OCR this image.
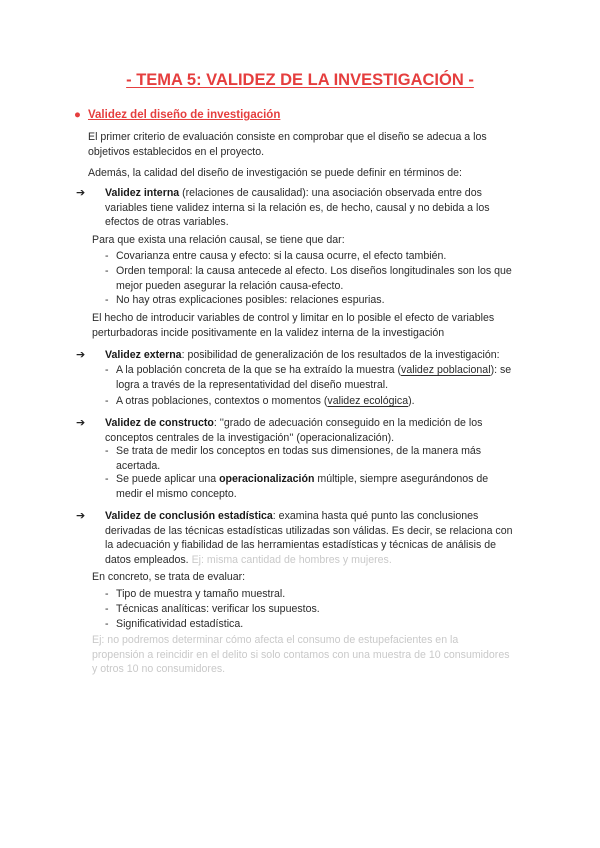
- TEMA 5: VALIDEZ DE LA INVESTIGACIÓN -
● Validez del diseño de investigación
El primer criterio de evaluación consiste en comprobar que el diseño se adecua a los objetivos establecidos en el proyecto.
Además, la calidad del diseño de investigación se puede definir en términos de:
➔ Validez interna (relaciones de causalidad): una asociación observada entre dos variables tiene validez interna si la relación es, de hecho, causal y no debida a los efectos de otras variables.
Para que exista una relación causal, se tiene que dar:
- Covarianza entre causa y efecto: si la causa ocurre, el efecto también.
- Orden temporal: la causa antecede al efecto. Los diseños longitudinales son los que mejor pueden asegurar la relación causa-efecto.
- No hay otras explicaciones posibles: relaciones espurias.
El hecho de introducir variables de control y limitar en lo posible el efecto de variables perturbadoras incide positivamente en la validez interna de la investigación
➔ Validez externa: posibilidad de generalización de los resultados de la investigación:
- A la población concreta de la que se ha extraído la muestra (validez poblacional): se logra a través de la representatividad del diseño muestral.
- A otras poblaciones, contextos o momentos (validez ecológica).
➔ Validez de constructo: ''grado de adecuación conseguido en la medición de los conceptos centrales de la investigación'' (operacionalización).
- Se trata de medir los conceptos en todas sus dimensiones, de la manera más acertada.
- Se puede aplicar una operacionalización múltiple, siempre asegurándonos de medir el mismo concepto.
➔ Validez de conclusión estadística: examina hasta qué punto las conclusiones derivadas de las técnicas estadísticas utilizadas son válidas. Es decir, se relaciona con la adecuación y fiabilidad de las herramientas estadísticas y técnicas de análisis de datos empleados. Ej: misma cantidad de hombres y mujeres.
En concreto, se trata de evaluar:
- Tipo de muestra y tamaño muestral.
- Técnicas analíticas: verificar los supuestos.
- Significatividad estadística.
Ej: no podremos determinar cómo afecta el consumo de estupefacientes en la propensión a reincidir en el delito si solo contamos con una muestra de 10 consumidores y otros 10 no consumidores.
